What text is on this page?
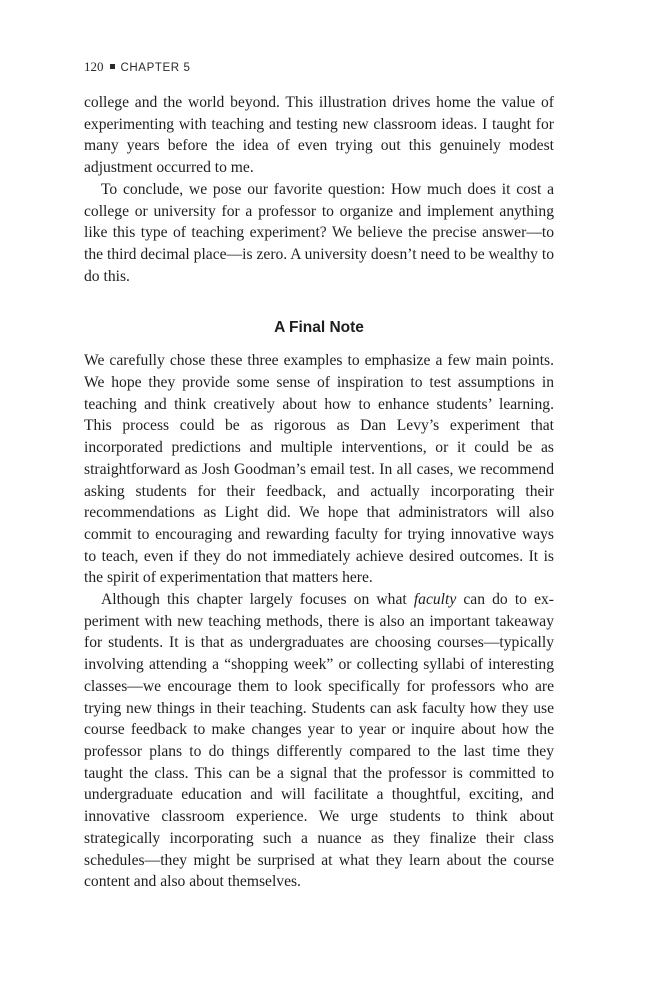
120 CHAPTER 5

college and the world beyond. This illustration drives home the value of experimenting with teaching and testing new classroom ideas. I taught for many years before the idea of even trying out this genuinely modest adjustment occurred to me.

To conclude, we pose our favorite question: How much does it cost a college or university for a professor to organize and implement anything like this type of teaching experiment? We believe the precise answer—to the third decimal place—is zero. A university doesn’t need to be wealthy to do this.

A Final Note

We carefully chose these three examples to emphasize a few main points. We hope they provide some sense of inspiration to test assumptions in teaching and think creatively about how to enhance students’ learning. This process could be as rigorous as Dan Levy’s experiment that incorporated predictions and multiple interventions, or it could be as straightforward as Josh Goodman’s email test. In all cases, we recommend asking students for their feedback, and actually incorporating their recommendations as Light did. We hope that administrators will also commit to encouraging and rewarding faculty for trying innovative ways to teach, even if they do not immediately achieve desired outcomes. It is the spirit of experimentation that matters here.

Although this chapter largely focuses on what faculty can do to experiment with new teaching methods, there is also an important takeaway for students. It is that as undergraduates are choosing courses—typically involving attending a “shopping week” or collecting syllabi of interesting classes—we encourage them to look specifically for professors who are trying new things in their teaching. Students can ask faculty how they use course feedback to make changes year to year or inquire about how the professor plans to do things differently compared to the last time they taught the class. This can be a signal that the professor is committed to undergraduate education and will facilitate a thoughtful, exciting, and innovative classroom experience. We urge students to think about strategically incorporating such a nuance as they finalize their class schedules—they might be surprised at what they learn about the course content and also about themselves.
